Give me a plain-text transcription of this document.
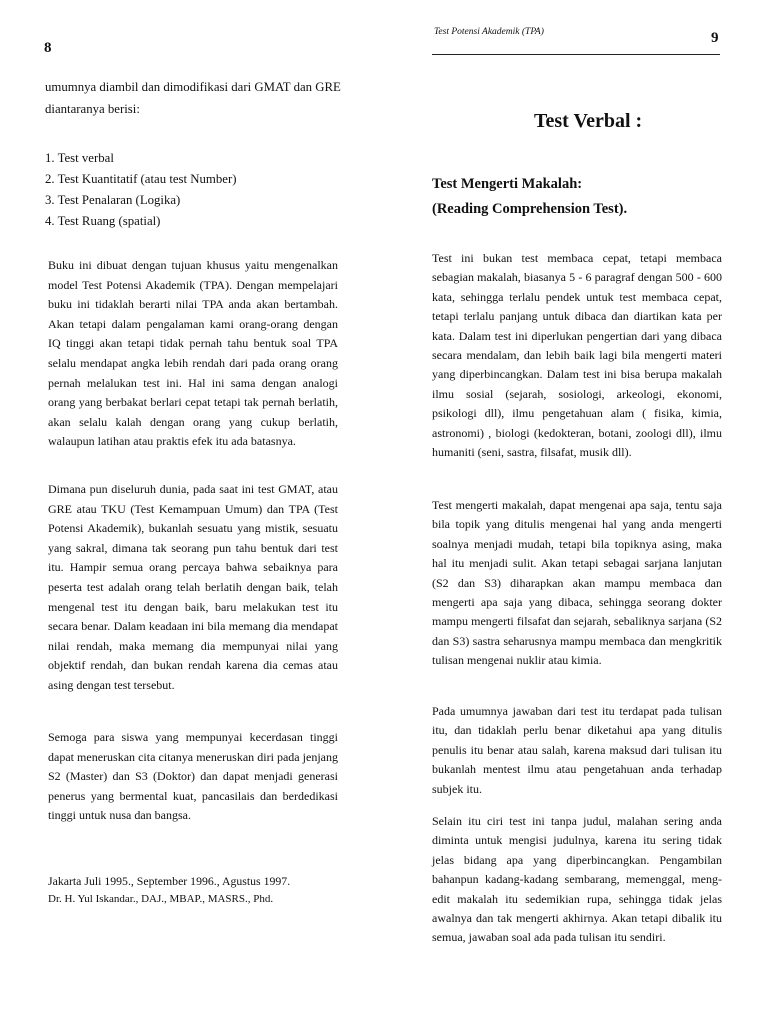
8

umumnya diambil dan dimodifikasi dari GMAT dan GRE diantaranya berisi:

1. Test verbal
2. Test Kuantitatif (atau test Number)
3. Test Penalaran (Logika)
4. Test Ruang (spatial)

Buku ini dibuat dengan tujuan khusus yaitu mengenalkan model Test Potensi Akademik (TPA). Dengan mempelajari buku ini tidaklah berarti nilai TPA anda akan bertambah. Akan tetapi dalam pengalaman kami orang-orang dengan IQ tinggi akan tetapi tidak pernah tahu bentuk soal TPA selalu mendapat angka lebih rendah dari pada orang orang pernah melalukan test ini. Hal ini sama dengan analogi orang yang berbakat berlari cepat tetapi tak pernah berlatih, akan selalu kalah dengan orang yang cukup berlatih, walaupun latihan atau praktis efek itu ada batasnya.

Dimana pun diseluruh dunia, pada saat ini test GMAT, atau GRE atau TKU (Test Kemampuan Umum) dan TPA (Test Potensi Akademik), bukanlah sesuatu yang mistik, sesuatu yang sakral, dimana tak seorang pun tahu bentuk dari test itu. Hampir semua orang percaya bahwa sebaiknya para peserta test adalah orang telah berlatih dengan baik, telah mengenal test itu dengan baik, baru melakukan test itu secara benar. Dalam keadaan ini bila memang dia mendapat nilai rendah, maka memang dia mempunyai nilai yang objektif rendah, dan bukan rendah karena dia cemas atau asing dengan test tersebut.

Semoga para siswa yang mempunyai kecerdasan tinggi dapat meneruskan cita citanya meneruskan diri pada jenjang S2 (Master) dan S3 (Doktor) dan dapat menjadi generasi penerus yang bermental kuat, pancasilais dan berdedikasi tinggi untuk nusa dan bangsa.

Jakarta Juli 1995., September 1996., Agustus 1997.

Dr. H. Yul Iskandar., DAJ., MBAP., MASRS., Phd.

Test Potensi Akademik (TPA)	9
Test Verbal :
Test Mengerti Makalah:
(Reading Comprehension Test).

Test ini bukan test membaca cepat, tetapi membaca sebagian makalah, biasanya 5 - 6 paragraf dengan 500 - 600 kata, sehingga terlalu pendek untuk test membaca cepat, tetapi terlalu panjang untuk dibaca dan diartikan kata per kata. Dalam test ini diperlukan pengertian dari yang dibaca secara mendalam, dan lebih baik lagi bila mengerti materi yang diperbincangkan. Dalam test ini bisa berupa makalah ilmu sosial (sejarah, sosiologi, arkeologi, ekonomi, psikologi dll), ilmu pengetahuan alam ( fisika, kimia, astronomi) , biologi (kedokteran, botani, zoologi dll), ilmu humaniti (seni, sastra, filsafat, musik dll).

Test mengerti makalah, dapat mengenai apa saja, tentu saja bila topik yang ditulis mengenai hal yang anda mengerti soalnya menjadi mudah, tetapi bila topiknya asing, maka hal itu menjadi sulit. Akan tetapi sebagai sarjana lanjutan (S2 dan S3) diharapkan akan mampu membaca dan mengerti apa saja yang dibaca, sehingga seorang dokter mampu mengerti filsafat dan sejarah, sebaliknya sarjana (S2 dan S3) sastra seharusnya mampu membaca dan mengkritik tulisan mengenai nuklir atau kimia.

Pada umumnya jawaban dari test itu terdapat pada tulisan itu, dan tidaklah perlu benar diketahui apa yang ditulis penulis itu benar atau salah, karena maksud dari tulisan itu bukanlah mentest ilmu atau pengetahuan anda terhadap subjek itu.

Selain itu ciri test ini tanpa judul, malahan sering anda diminta untuk mengisi judulnya, karena itu sering tidak jelas bidang apa yang diperbincangkan. Pengambilan bahanpun kadang-kadang sembarang, memenggal, meng-edit makalah itu sedemikian rupa, sehingga tidak jelas awalnya dan tak mengerti akhirnya. Akan tetapi dibalik itu semua, jawaban soal ada pada tulisan itu sendiri.
